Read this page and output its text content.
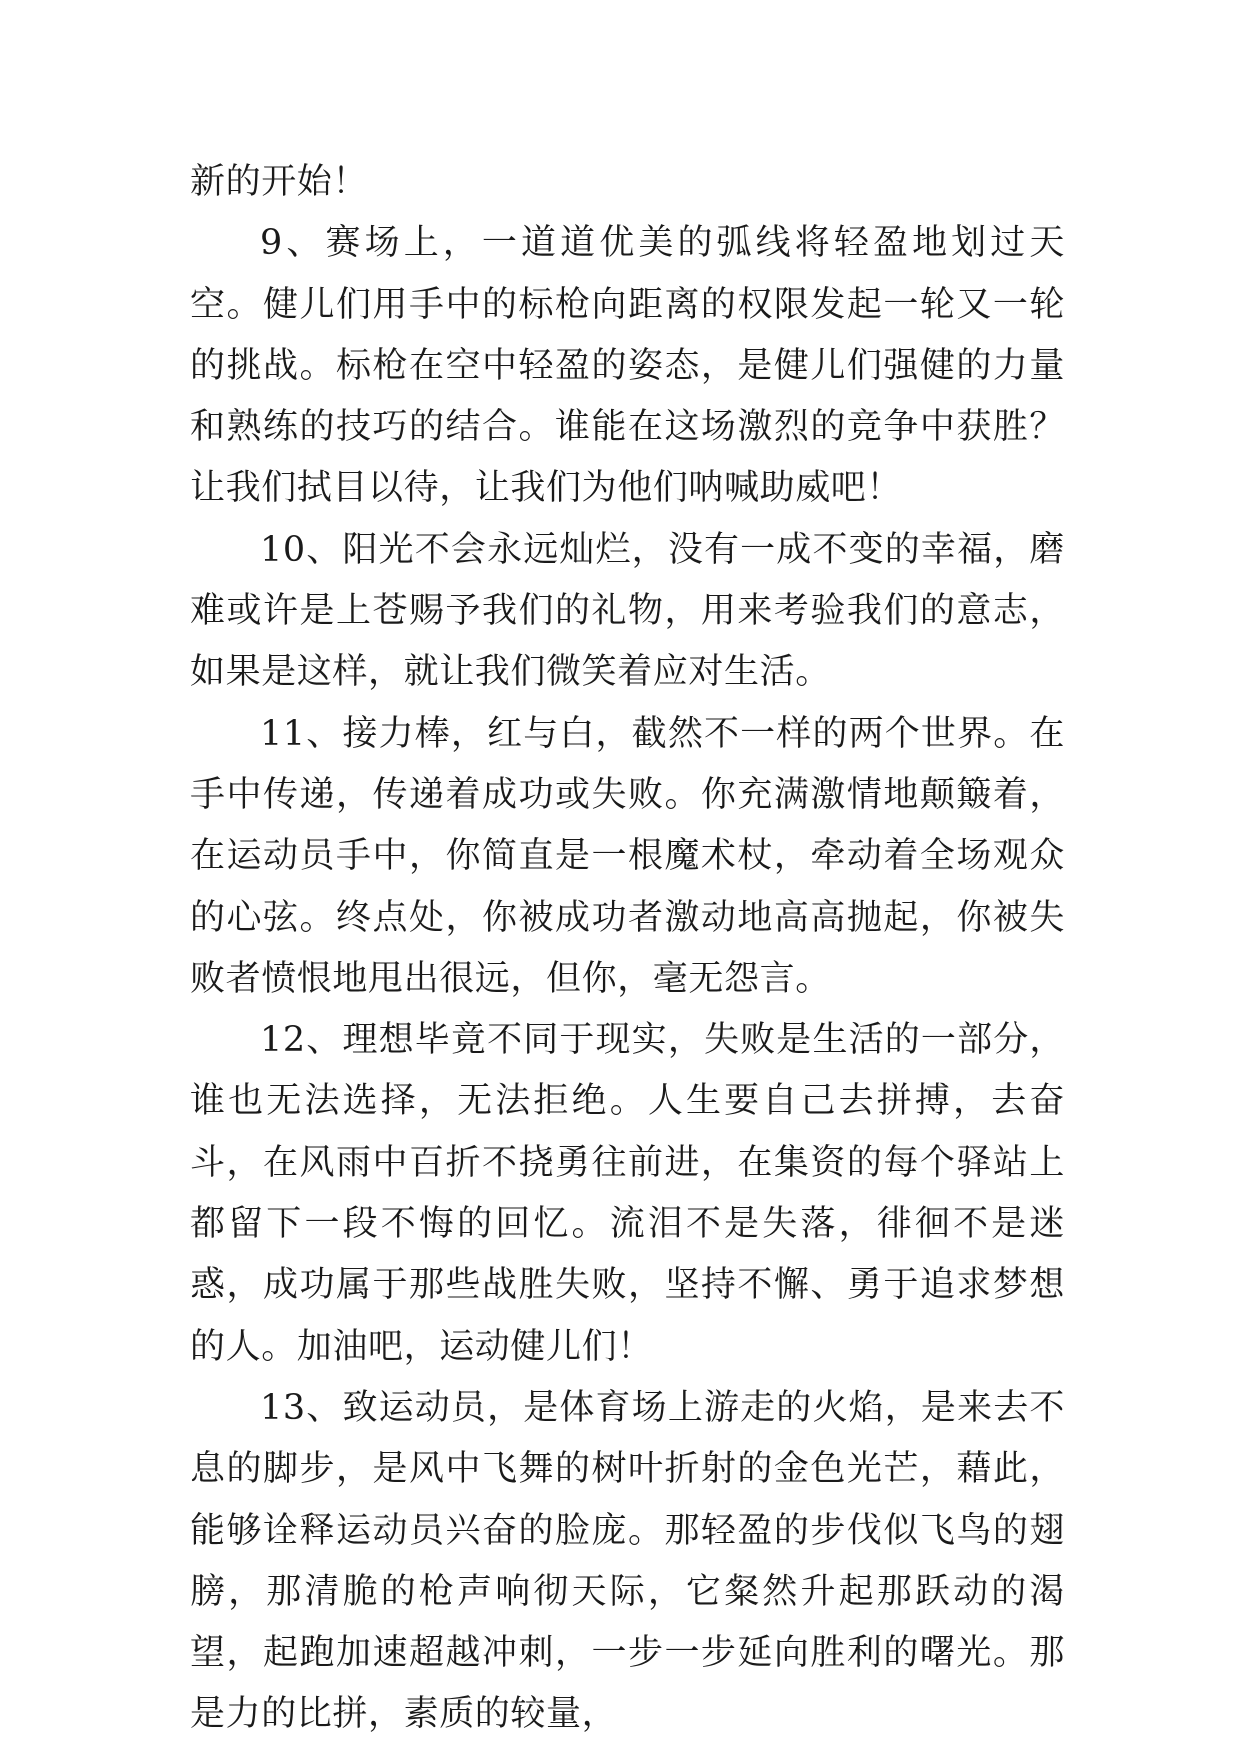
新的开始！

9、赛场上，一道道优美的弧线将轻盈地划过天空。健儿们用手中的标枪向距离的权限发起一轮又一轮的挑战。标枪在空中轻盈的姿态，是健儿们强健的力量和熟练的技巧的结合。谁能在这场激烈的竞争中获胜？让我们拭目以待，让我们为他们呐喊助威吧！

10、阳光不会永远灿烂，没有一成不变的幸福，磨难或许是上苍赐予我们的礼物，用来考验我们的意志，如果是这样，就让我们微笑着应对生活。

11、接力棒，红与白，截然不一样的两个世界。在手中传递，传递着成功或失败。你充满激情地颠簸着，在运动员手中，你简直是一根魔术杖，牵动着全场观众的心弦。终点处，你被成功者激动地高高抛起，你被失败者愤恨地甩出很远，但你，毫无怨言。

12、理想毕竟不同于现实，失败是生活的一部分，谁也无法选择，无法拒绝。人生要自己去拼搏，去奋斗，在风雨中百折不挠勇往前进，在集资的每个驿站上都留下一段不悔的回忆。流泪不是失落，徘徊不是迷惑，成功属于那些战胜失败，坚持不懈、勇于追求梦想的人。加油吧，运动健儿们！

13、致运动员，是体育场上游走的火焰，是来去不息的脚步，是风中飞舞的树叶折射的金色光芒，藉此，能够诠释运动员兴奋的脸庞。那轻盈的步伐似飞鸟的翅膀，那清脆的枪声响彻天际，它粲然升起那跃动的渴望，起跑加速超越冲刺，一步一步延向胜利的曙光。那是力的比拼，素质的较量，
